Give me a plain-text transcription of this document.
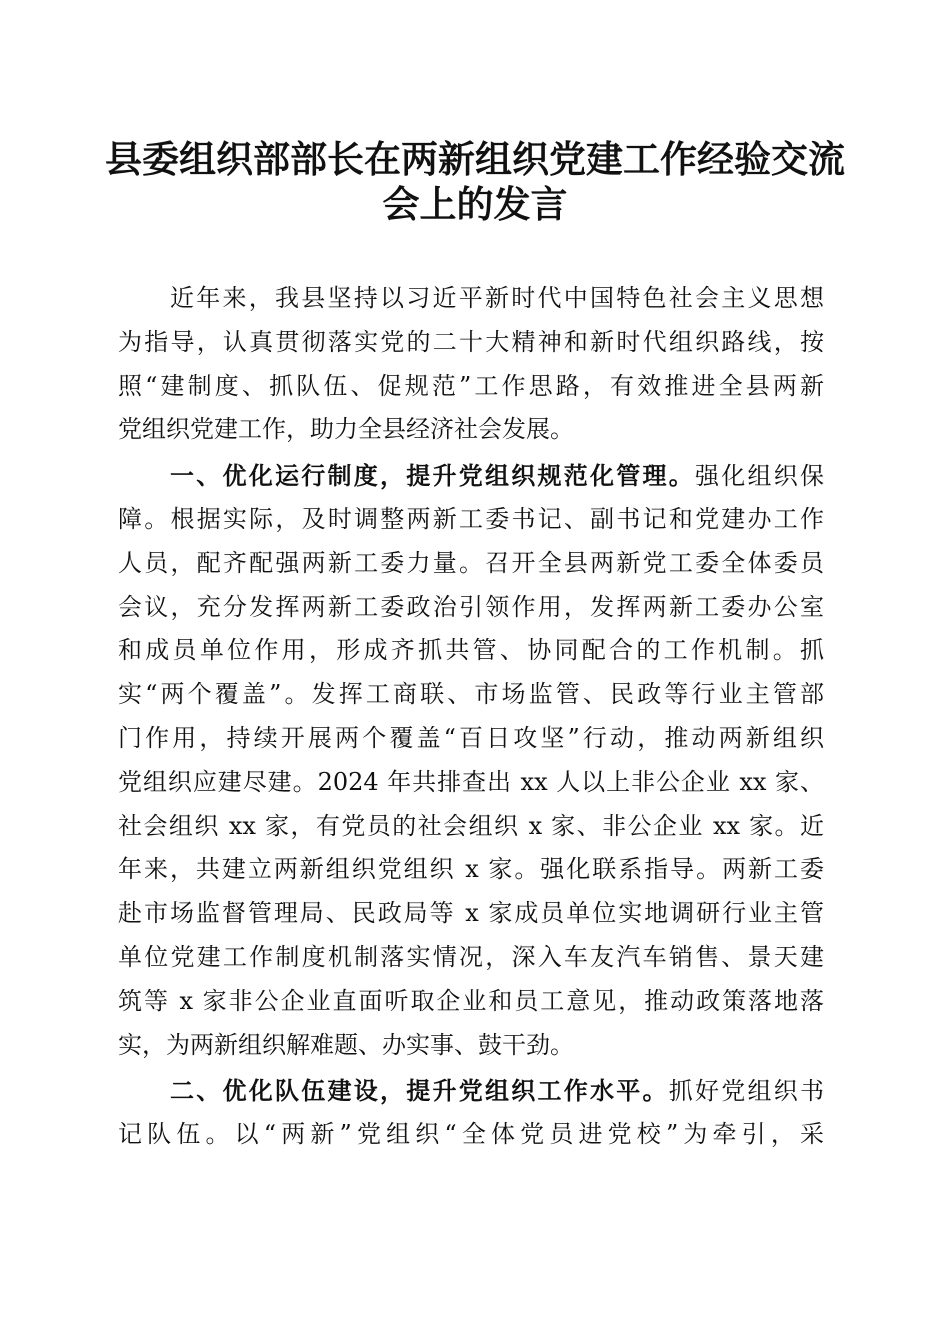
县委组织部部长在两新组织党建工作经验交流
会上的发言
近年来，我县坚持以习近平新时代中国特色社会主义思想
为指导，认真贯彻落实党的二十大精神和新时代组织路线，按
照“建制度、抓队伍、促规范”工作思路，有效推进全县两新
党组织党建工作，助力全县经济社会发展。
一、优化运行制度，提升党组织规范化管理。强化组织保
障。根据实际，及时调整两新工委书记、副书记和党建办工作
人员，配齐配强两新工委力量。召开全县两新党工委全体委员
会议，充分发挥两新工委政治引领作用，发挥两新工委办公室
和成员单位作用，形成齐抓共管、协同配合的工作机制。抓
实“两个覆盖”。发挥工商联、市场监管、民政等行业主管部
门作用，持续开展两个覆盖“百日攻坚”行动，推动两新组织
党组织应建尽建。2024 年共排查出 xx 人以上非公企业 xx 家、
社会组织 xx 家，有党员的社会组织 x 家、非公企业 xx 家。近
年来，共建立两新组织党组织 x 家。强化联系指导。两新工委
赴市场监督管理局、民政局等 x 家成员单位实地调研行业主管
单位党建工作制度机制落实情况，深入车友汽车销售、景天建
筑等 x 家非公企业直面听取企业和员工意见，推动政策落地落
实，为两新组织解难题、办实事、鼓干劲。
二、优化队伍建设，提升党组织工作水平。抓好党组织书
记队伍。以“两新”党组织“全体党员进党校”为牵引，采
